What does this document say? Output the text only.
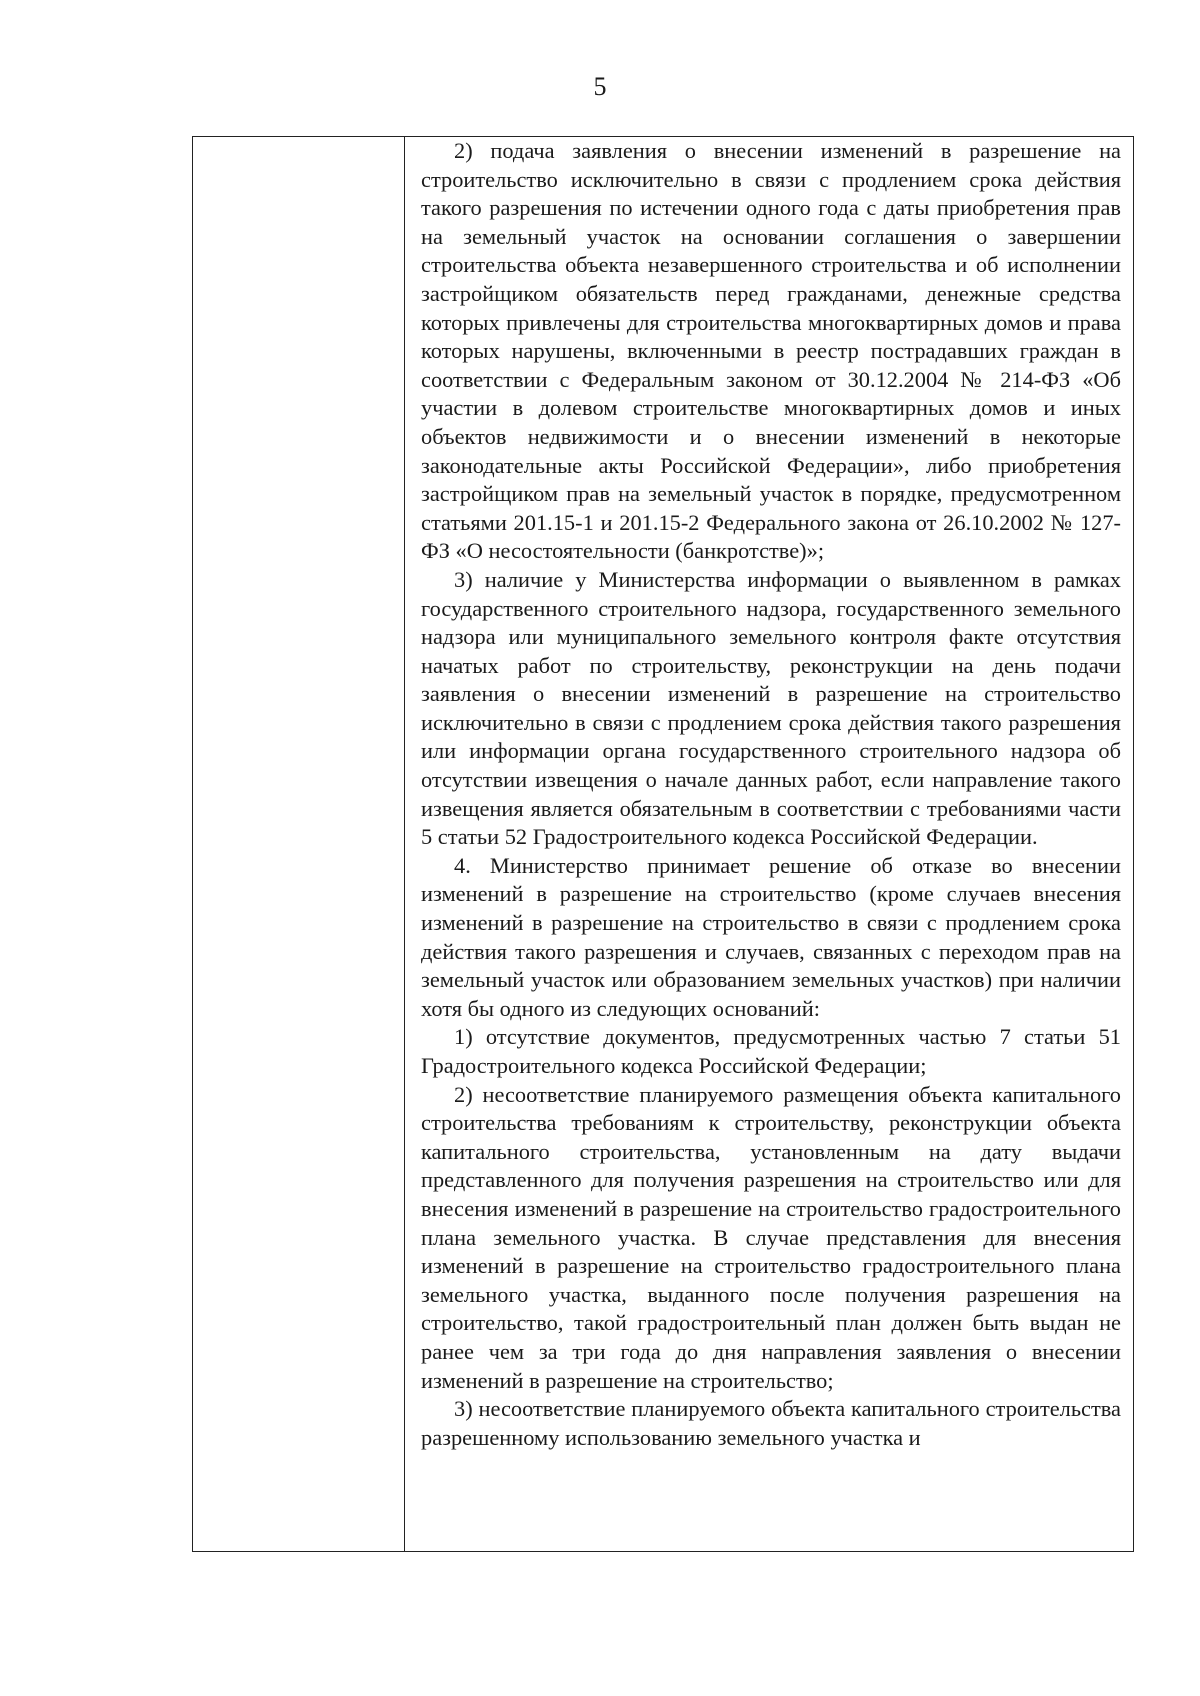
5

2) подача заявления о внесении изменений в разрешение на строительство исключительно в связи с продлением срока действия такого разрешения по истечении одного года с даты приобретения прав на земельный участок на основании соглашения о завершении строительства объекта незавершенного строительства и об исполнении застройщиком обязательств перед гражданами, денежные средства которых привлечены для строительства многоквартирных домов и права которых нарушены, включенными в реестр пострадавших граждан в соответствии с Федеральным законом от 30.12.2004 № 214-ФЗ «Об участии в долевом строительстве многоквартирных домов и иных объектов недвижимости и о внесении изменений в некоторые законодательные акты Российской Федерации», либо приобретения застройщиком прав на земельный участок в порядке, предусмотренном статьями 201.15-1 и 201.15-2 Федерального закона от 26.10.2002 № 127-ФЗ «О несостоятельности (банкротстве)»;

3) наличие у Министерства информации о выявленном в рамках государственного строительного надзора, государственного земельного надзора или муниципального земельного контроля факте отсутствия начатых работ по строительству, реконструкции на день подачи заявления о внесении изменений в разрешение на строительство исключительно в связи с продлением срока действия такого разрешения или информации органа государственного строительного надзора об отсутствии извещения о начале данных работ, если направление такого извещения является обязательным в соответствии с требованиями части 5 статьи 52 Градостроительного кодекса Российской Федерации.

4. Министерство принимает решение об отказе во внесении изменений в разрешение на строительство (кроме случаев внесения изменений в разрешение на строительство в связи с продлением срока действия такого разрешения и случаев, связанных с переходом прав на земельный участок или образованием земельных участков) при наличии хотя бы одного из следующих оснований:

1) отсутствие документов, предусмотренных частью 7 статьи 51 Градостроительного кодекса Российской Федерации;

2) несоответствие планируемого размещения объекта капитального строительства требованиям к строительству, реконструкции объекта капитального строительства, установленным на дату выдачи представленного для получения разрешения на строительство или для внесения изменений в разрешение на строительство градостроительного плана земельного участка. В случае представления для внесения изменений в разрешение на строительство градостроительного плана земельного участка, выданного после получения разрешения на строительство, такой градостроительный план должен быть выдан не ранее чем за три года до дня направления заявления о внесении изменений в разрешение на строительство;

3) несоответствие планируемого объекта капитального строительства разрешенному использованию земельного участка и
